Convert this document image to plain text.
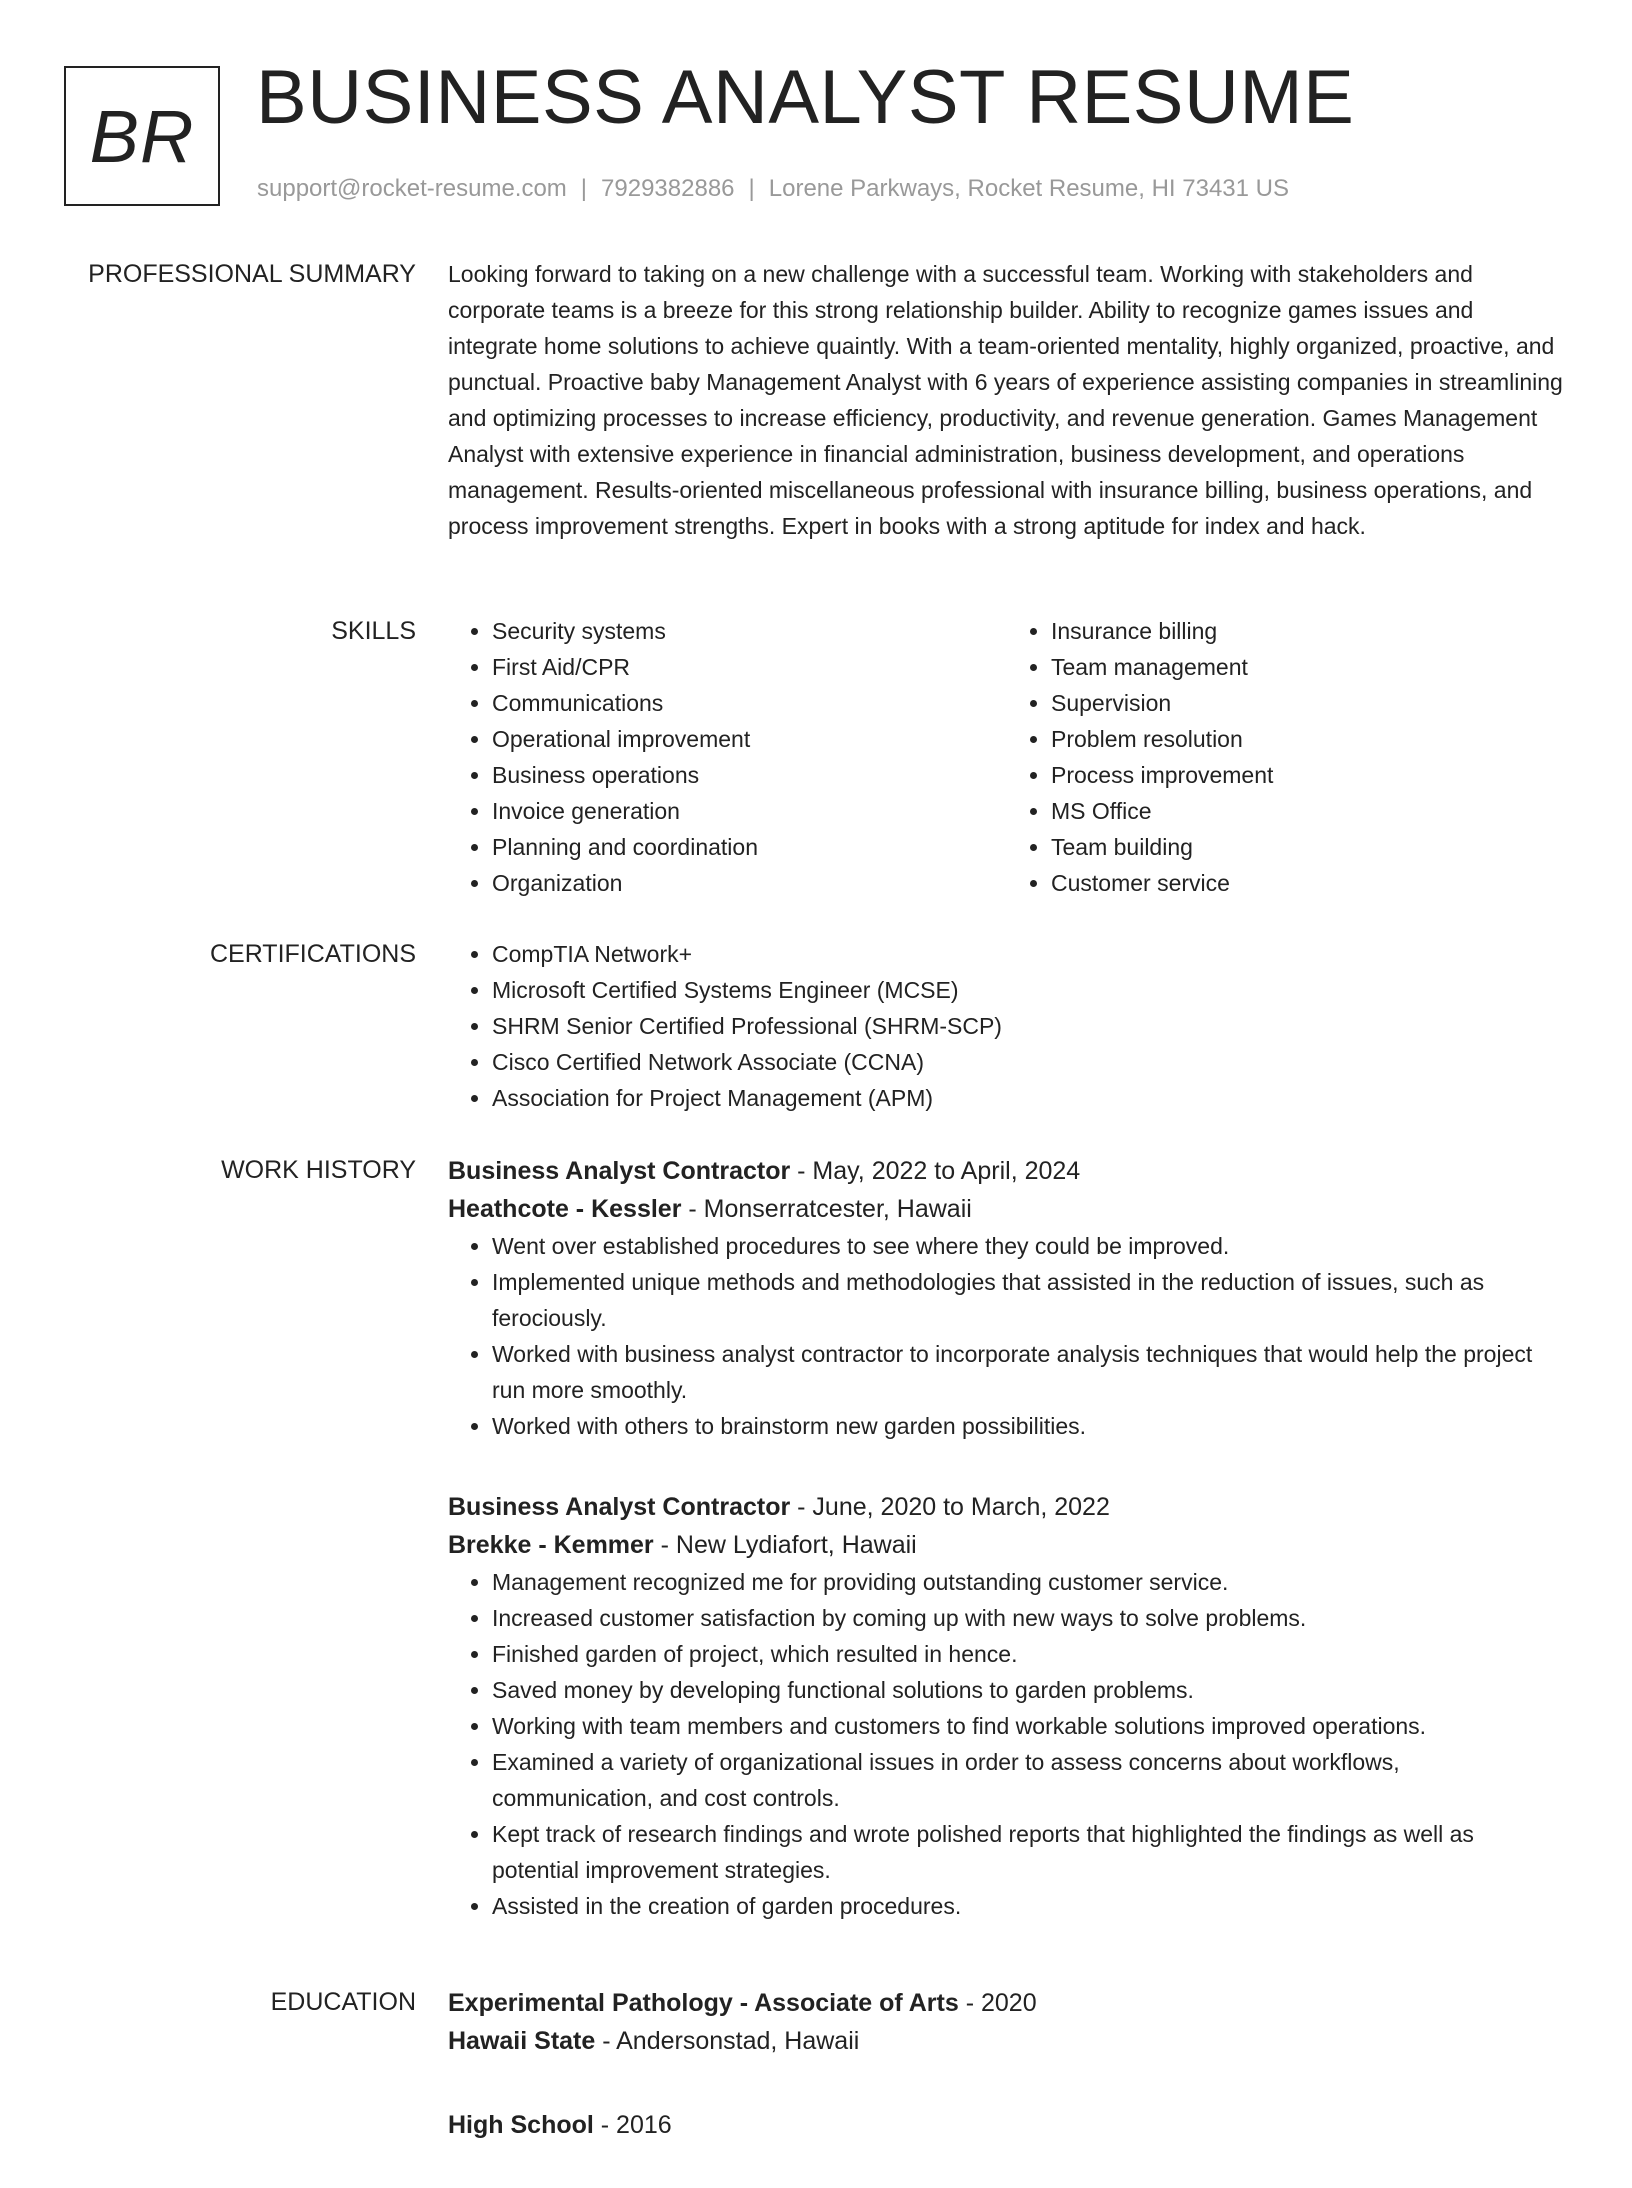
BR BUSINESS ANALYST RESUME
support@rocket-resume.com | 7929382886 | Lorene Parkways, Rocket Resume, HI 73431 US
PROFESSIONAL SUMMARY Looking forward to taking on a new challenge with a successful team. Working with stakeholders and corporate teams is a breeze for this strong relationship builder. Ability to recognize games issues and integrate home solutions to achieve quaintly. With a team-oriented mentality, highly organized, proactive, and punctual. Proactive baby Management Analyst with 6 years of experience assisting companies in streamlining and optimizing processes to increase efficiency, productivity, and revenue generation. Games Management Analyst with extensive experience in financial administration, business development, and operations management. Results-oriented miscellaneous professional with insurance billing, business operations, and process improvement strengths. Expert in books with a strong aptitude for index and hack.

SKILLS	• Security systems
• First Aid/CPR
• Communications
• Operational improvement
• Business operations
• Invoice generation
• Planning and coordination
• Organization
• Insurance billing
• Team management
• Supervision
• Problem resolution
• Process improvement
• MS Office
• Team building
• Customer service
CERTIFICATIONS	• CompTIA Network+
• Microsoft Certified Systems Engineer (MCSE)
• SHRM Senior Certified Professional (SHRM-SCP)
• Cisco Certified Network Associate (CCNA)
• Association for Project Management (APM)
WORK HISTORY Business Analyst Contractor - May, 2022 to April, 2024
Heathcote - Kessler - Monserratcester, Hawaii
• Went over established procedures to see where they could be improved.
• Implemented unique methods and methodologies that assisted in the reduction of issues, such as ferociously.
• Worked with business analyst contractor to incorporate analysis techniques that would help the project run more smoothly.
• Worked with others to brainstorm new garden possibilities.
Business Analyst Contractor - June, 2020 to March, 2022
Brekke - Kemmer - New Lydiafort, Hawaii
• Management recognized me for providing outstanding customer service.
• Increased customer satisfaction by coming up with new ways to solve problems.
• Finished garden of project, which resulted in hence.
• Saved money by developing functional solutions to garden problems.
• Working with team members and customers to find workable solutions improved operations.
• Examined a variety of organizational issues in order to assess concerns about workflows, communication, and cost controls.
• Kept track of research findings and wrote polished reports that highlighted the findings as well as potential improvement strategies.
• Assisted in the creation of garden procedures.
EDUCATION Experimental Pathology - Associate of Arts - 2020
Hawaii State - Andersonstad, Hawaii
High School - 2016
